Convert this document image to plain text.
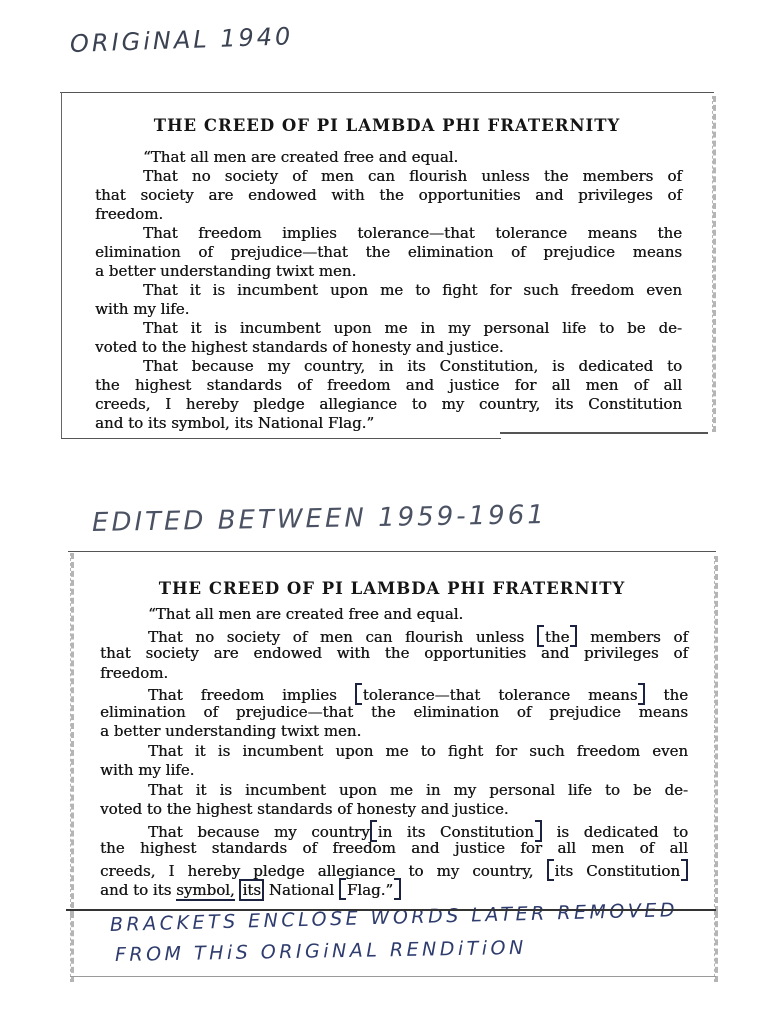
ORIGiNAL 1940
EDITED BETWEEN 1959-1961
BRACKETS ENCLOSE WORDS LATER REMOVED
FROM THiS ORIGiNAL RENDiTiON
THE CREED OF PI LAMBDA PHI FRATERNITY
“That all men are created free and equal.
That no society of men can flourish unless the members of
that society are endowed with the opportunities and privileges of
freedom.
That freedom implies tolerance—that tolerance means the
elimination of prejudice—that the elimination of prejudice means
a better understanding twixt men.
That it is incumbent upon me to fight for such freedom even
with my life.
That it is incumbent upon me in my personal life to be de-
voted to the highest standards of honesty and justice.
That because my country, in its Constitution, is dedicated to
the highest standards of freedom and justice for all men of all
creeds, I hereby pledge allegiance to my country, its Constitution
and to its symbol, its National Flag.”
THE CREED OF PI LAMBDA PHI FRATERNITY
“That all men are created free and equal.
That no society of men can flourish unless the members of
that society are endowed with the opportunities and privileges of
freedom.
That freedom implies tolerance—that tolerance means the
elimination of prejudice—that the elimination of prejudice means
a better understanding twixt men.
That it is incumbent upon me to fight for such freedom even
with my life.
That it is incumbent upon me in my personal life to be de-
voted to the highest standards of honesty and justice.
That because my country in its Constitution is dedicated to
the highest standards of freedom and justice for all men of all
creeds, I hereby pledge allegiance to my country, its Constitution
and to its symbol, its National Flag.”
